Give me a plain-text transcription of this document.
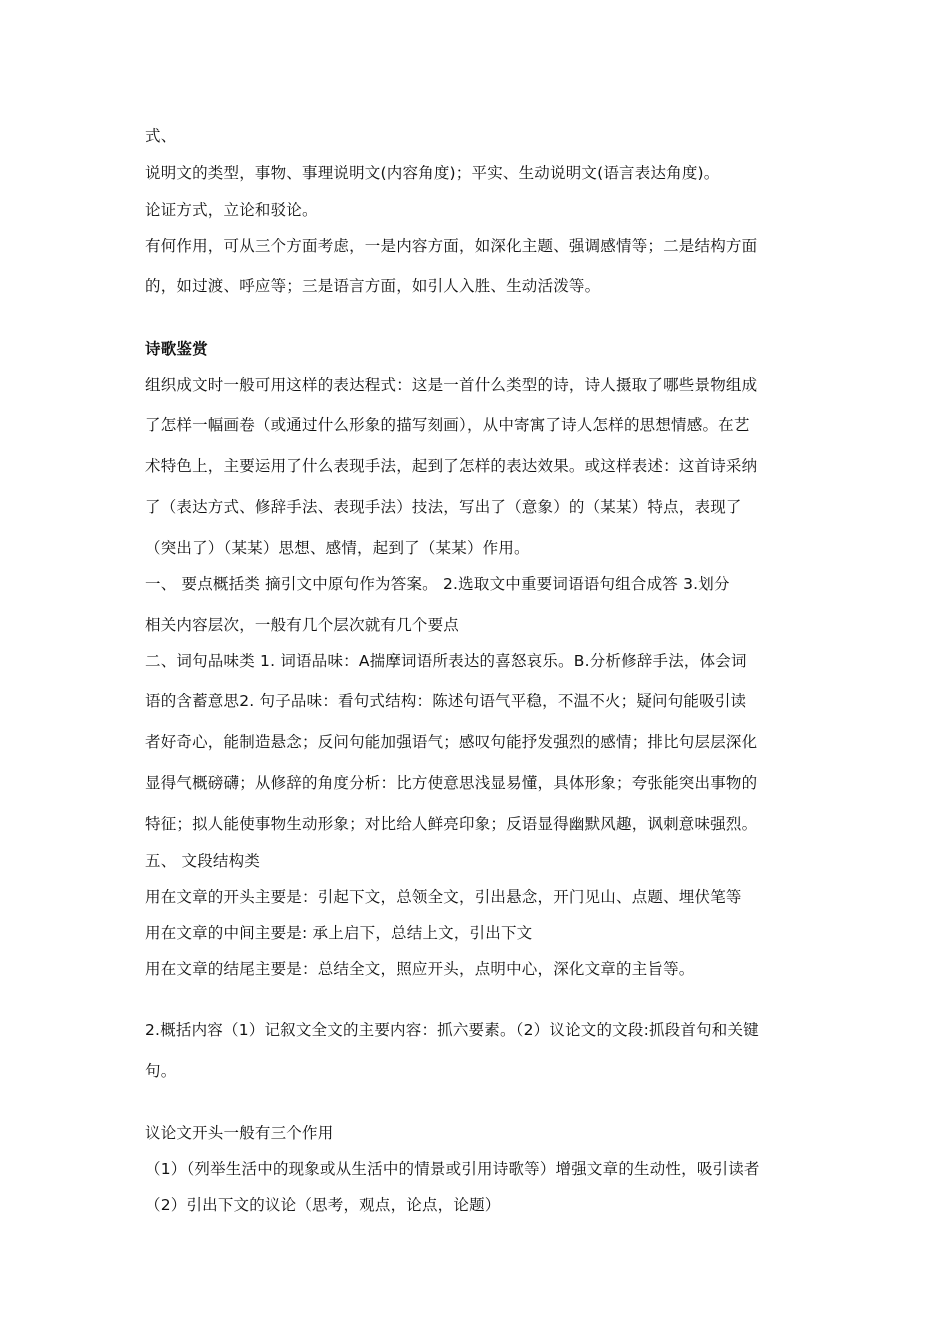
式、
说明文的类型，事物、事理说明文(内容角度)；平实、生动说明文(语言表达角度)。
论证方式，立论和驳论。
有何作用，可从三个方面考虑，一是内容方面，如深化主题、强调感情等；二是结构方面
的，如过渡、呼应等；三是语言方面，如引人入胜、生动活泼等。
诗歌鉴赏
组织成文时一般可用这样的表达程式：这是一首什么类型的诗，诗人摄取了哪些景物组成
了怎样一幅画卷（或通过什么形象的描写刻画），从中寄寓了诗人怎样的思想情感。在艺
术特色上，主要运用了什么表现手法，起到了怎样的表达效果。或这样表述：这首诗采纳
了（表达方式、修辞手法、表现手法）技法，写出了（意象）的（某某）特点，表现了
（突出了）（某某）思想、感情，起到了（某某）作用。
一、 要点概括类 摘引文中原句作为答案。 2.选取文中重要词语语句组合成答 3.划分
相关内容层次，一般有几个层次就有几个要点
二、词句品味类 1. 词语品味：A揣摩词语所表达的喜怒哀乐。B.分析修辞手法，体会词
语的含蓄意思2. 句子品味：看句式结构：陈述句语气平稳，不温不火；疑问句能吸引读
者好奇心，能制造悬念；反问句能加强语气；感叹句能抒发强烈的感情；排比句层层深化
显得气概磅礴；从修辞的角度分析：比方使意思浅显易懂，具体形象；夸张能突出事物的
特征；拟人能使事物生动形象；对比给人鲜亮印象；反语显得幽默风趣，讽刺意味强烈。
五、 文段结构类
用在文章的开头主要是：引起下文，总领全文，引出悬念，开门见山、点题、埋伏笔等
用在文章的中间主要是: 承上启下，总结上文，引出下文
用在文章的结尾主要是：总结全文，照应开头，点明中心，深化文章的主旨等。
2.概括内容（1）记叙文全文的主要内容：抓六要素。（2）议论文的文段:抓段首句和关键
句。
议论文开头一般有三个作用
（1）（列举生活中的现象或从生活中的情景或引用诗歌等）增强文章的生动性，吸引读者
（2）引出下文的议论（思考，观点，论点，论题）
